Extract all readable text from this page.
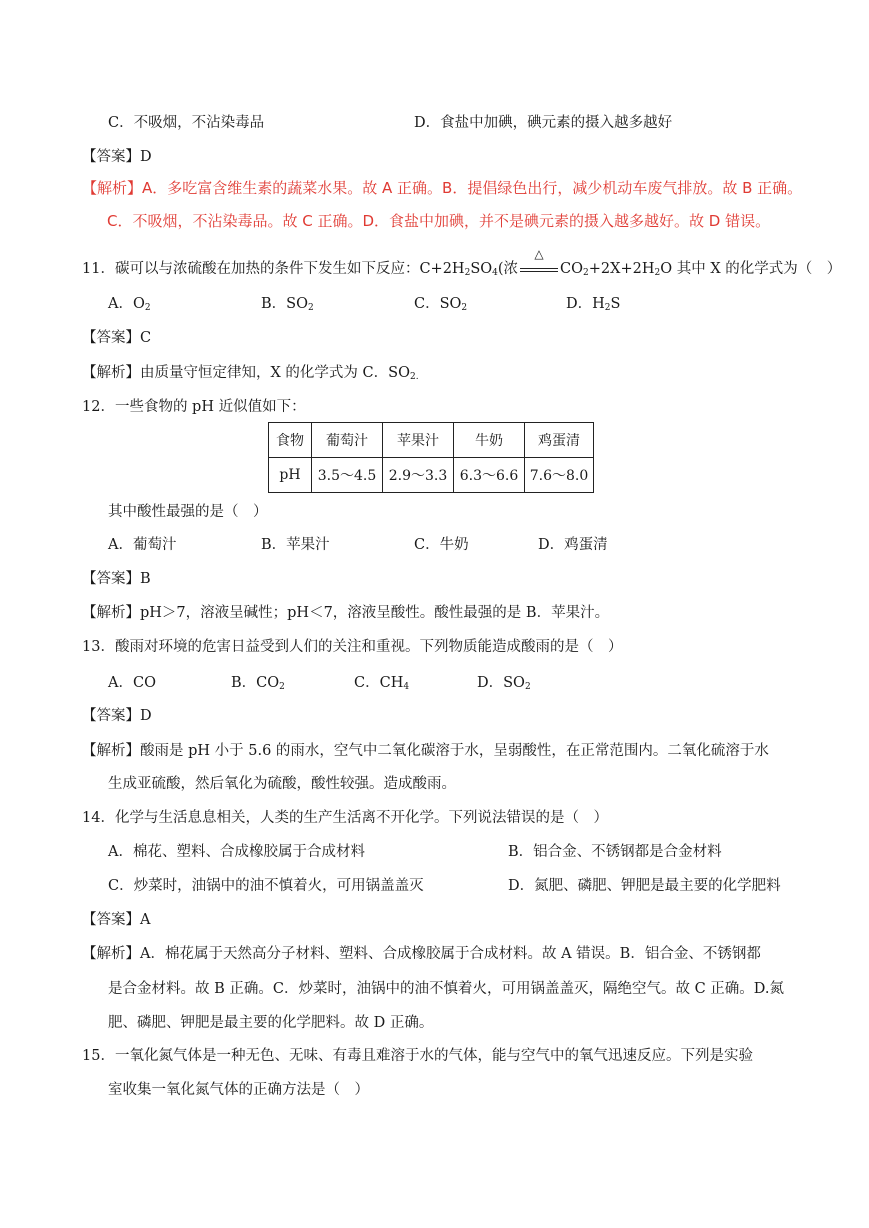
C．不吸烟，不沾染毒品	D．食盐中加碘，碘元素的摄入越多越好
【答案】D
【解析】A．多吃富含维生素的蔬菜水果。故 A 正确。B．提倡绿色出行，减少机动车废气排放。故 B 正确。
C．不吸烟，不沾染毒品。故 C 正确。D．食盐中加碘，并不是碘元素的摄入越多越好。故 D 错误。
11．碳可以与浓硫酸在加热的条件下发生如下反应：$C+2H_2SO_4$(浓
△
$CO_2+2X+2H_2O$ 其中 X 的化学式为（　）
A．$O_2$	B．$SO_2$	C．$SO_2$	D．$H_2S$
【答案】C
【解析】由质量守恒定律知，X 的化学式为 C．$SO_{2.}$
12．一些食物的 pH 近似值如下：
食物	葡萄汁	苹果汁	牛奶	鸡蛋清
pH	3.5～4.5	2.9～3.3	6.3～6.6	7.6～8.0
其中酸性最强的是（　）
A．葡萄汁	B．苹果汁	C．牛奶	D．鸡蛋清
【答案】B
【解析】pH＞7，溶液呈碱性；pH＜7，溶液呈酸性。酸性最强的是 B．苹果汁。
13．酸雨对环境的危害日益受到人们的关注和重视。下列物质能造成酸雨的是（　）
A．CO	B．$CO_2$	C．$CH_4$	D．$SO_2$
【答案】D
【解析】酸雨是 pH 小于 5.6 的雨水，空气中二氧化碳溶于水，呈弱酸性，在正常范围内。二氧化硫溶于水
生成亚硫酸，然后氧化为硫酸，酸性较强。造成酸雨。
14．化学与生活息息相关，人类的生产生活离不开化学。下列说法错误的是（　）
A．棉花、塑料、合成橡胶属于合成材料	B．铝合金、不锈钢都是合金材料
C．炒菜时，油锅中的油不慎着火，可用锅盖盖灭	D．氮肥、磷肥、钾肥是最主要的化学肥料
【答案】A
【解析】A．棉花属于天然高分子材料、塑料、合成橡胶属于合成材料。故 A 错误。B．铝合金、不锈钢都
是合金材料。故 B 正确。C．炒菜时，油锅中的油不慎着火，可用锅盖盖灭，隔绝空气。故 C 正确。D.氮
肥、磷肥、钾肥是最主要的化学肥料。故 D 正确。
15．一氧化氮气体是一种无色、无味、有毒且难溶于水的气体，能与空气中的氧气迅速反应。下列是实验
室收集一氧化氮气体的正确方法是（　）
